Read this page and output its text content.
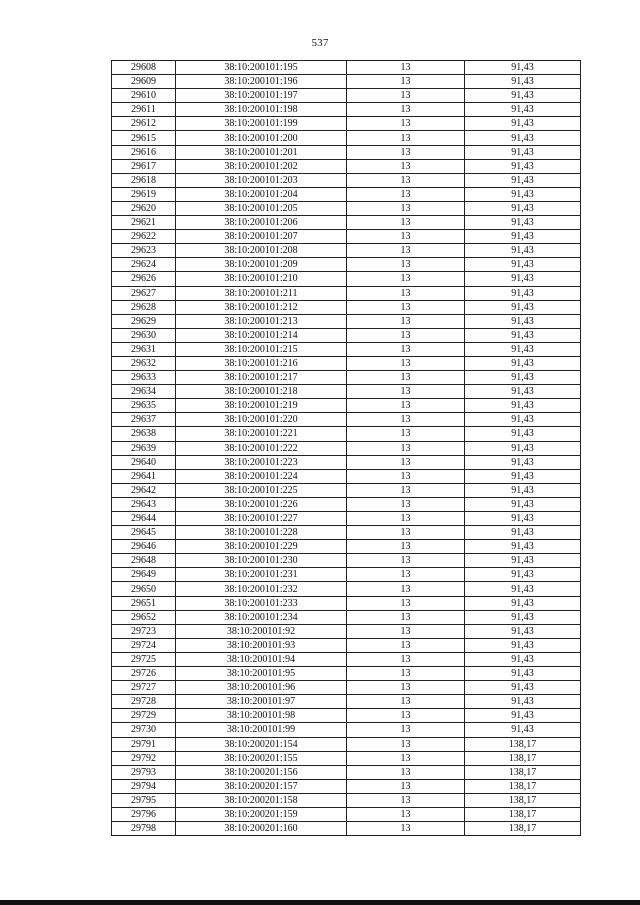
537
29608	38:10:200101:195	13	91,43
29609	38:10:200101:196	13	91,43
29610	38:10:200101:197	13	91,43
29611	38:10:200101:198	13	91,43
29612	38:10:200101:199	13	91,43
29615	38:10:200101:200	13	91,43
29616	38:10:200101:201	13	91,43
29617	38:10:200101:202	13	91,43
29618	38:10:200101:203	13	91,43
29619	38:10:200101:204	13	91,43
29620	38:10:200101:205	13	91,43
29621	38:10:200101:206	13	91,43
29622	38:10:200101:207	13	91,43
29623	38:10:200101:208	13	91,43
29624	38:10:200101:209	13	91,43
29626	38:10:200101:210	13	91,43
29627	38:10:200101:211	13	91,43
29628	38:10:200101:212	13	91,43
29629	38:10:200101:213	13	91,43
29630	38:10:200101:214	13	91,43
29631	38:10:200101:215	13	91,43
29632	38:10:200101:216	13	91,43
29633	38:10:200101:217	13	91,43
29634	38:10:200101:218	13	91,43
29635	38:10:200101:219	13	91,43
29637	38:10:200101:220	13	91,43
29638	38:10:200101:221	13	91,43
29639	38:10:200101:222	13	91,43
29640	38:10:200101:223	13	91,43
29641	38:10:200101:224	13	91,43
29642	38:10:200101:225	13	91,43
29643	38:10:200101:226	13	91,43
29644	38:10:200101:227	13	91,43
29645	38:10:200101:228	13	91,43
29646	38:10:200101:229	13	91,43
29648	38:10:200101:230	13	91,43
29649	38:10:200101:231	13	91,43
29650	38:10:200101:232	13	91,43
29651	38:10:200101:233	13	91,43
29652	38:10:200101:234	13	91,43
29723	38:10:200101:92	13	91,43
29724	38:10:200101:93	13	91,43
29725	38:10:200101:94	13	91,43
29726	38:10:200101:95	13	91,43
29727	38:10:200101:96	13	91,43
29728	38:10:200101:97	13	91,43
29729	38:10:200101:98	13	91,43
29730	38:10:200101:99	13	91,43
29791	38:10:200201:154	13	138,17
29792	38:10:200201:155	13	138,17
29793	38:10:200201:156	13	138,17
29794	38:10:200201:157	13	138,17
29795	38:10:200201:158	13	138,17
29796	38:10:200201:159	13	138,17
29798	38:10:200201:160	13	138,17
